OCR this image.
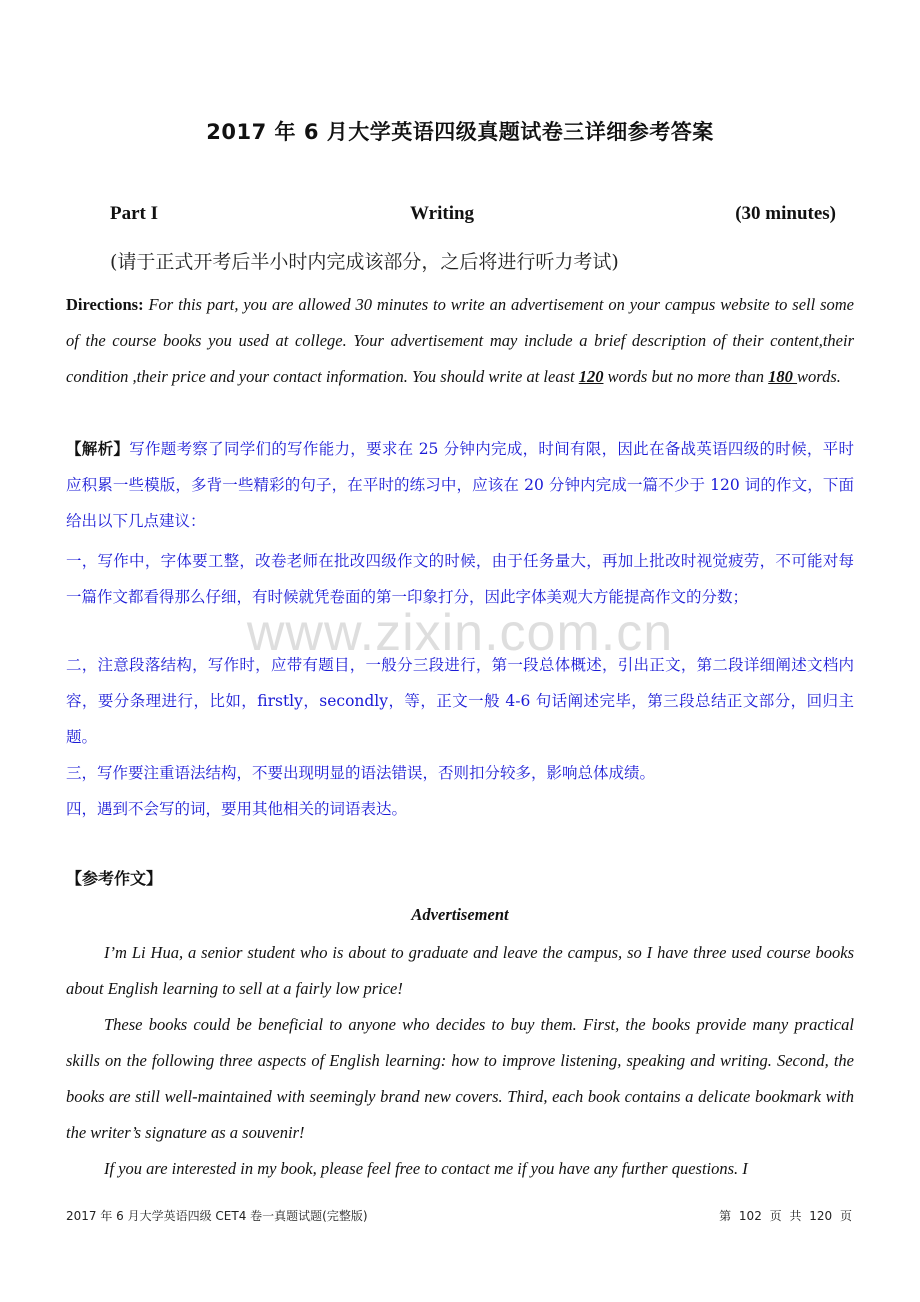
www.zixin.com.cn
2017 年 6 月大学英语四级真题试卷三详细参考答案
Part I	Writing	(30 minutes)
(请于正式开考后半小时内完成该部分，之后将进行听力考试)
Directions: For this part, you are allowed 30 minutes to write an advertisement on your campus website to sell some of the course books you used at college. Your advertisement may include a brief description of their content,their condition ,their price and your contact information. You should write at least 120 words but no more than 180 words.
【解析】写作题考察了同学们的写作能力，要求在 25 分钟内完成，时间有限，因此在备战英语四级的时候，平时应积累一些模版，多背一些精彩的句子，在平时的练习中，应该在 20 分钟内完成一篇不少于 120 词的作文，下面给出以下几点建议：
一，写作中，字体要工整，改卷老师在批改四级作文的时候，由于任务量大，再加上批改时视觉疲劳，不可能对每一篇作文都看得那么仔细，有时候就凭卷面的第一印象打分，因此字体美观大方能提高作文的分数；
二，注意段落结构，写作时，应带有题目，一般分三段进行，第一段总体概述，引出正文，第二段详细阐述文档内容，要分条理进行，比如，firstly，secondly，等，正文一般 4-6 句话阐述完毕，第三段总结正文部分，回归主题。
三，写作要注重语法结构，不要出现明显的语法错误，否则扣分较多，影响总体成绩。
四，遇到不会写的词，要用其他相关的词语表达。
【参考作文】
Advertisement
I’m Li Hua, a senior student who is about to graduate and leave the campus, so I have three used course books about English learning to sell at a fairly low price!
These books could be beneficial to anyone who decides to buy them. First, the books provide many practical skills on the following three aspects of English learning: how to improve listening, speaking and writing. Second, the books are still well-maintained with seemingly brand new covers. Third, each book contains a delicate bookmark with the writer’s signature as a souvenir!
If you are interested in my book, please feel free to contact me if you have any further questions. I
2017 年 6 月大学英语四级 CET4 卷一真题试题(完整版)	第 102 页 共 120 页
